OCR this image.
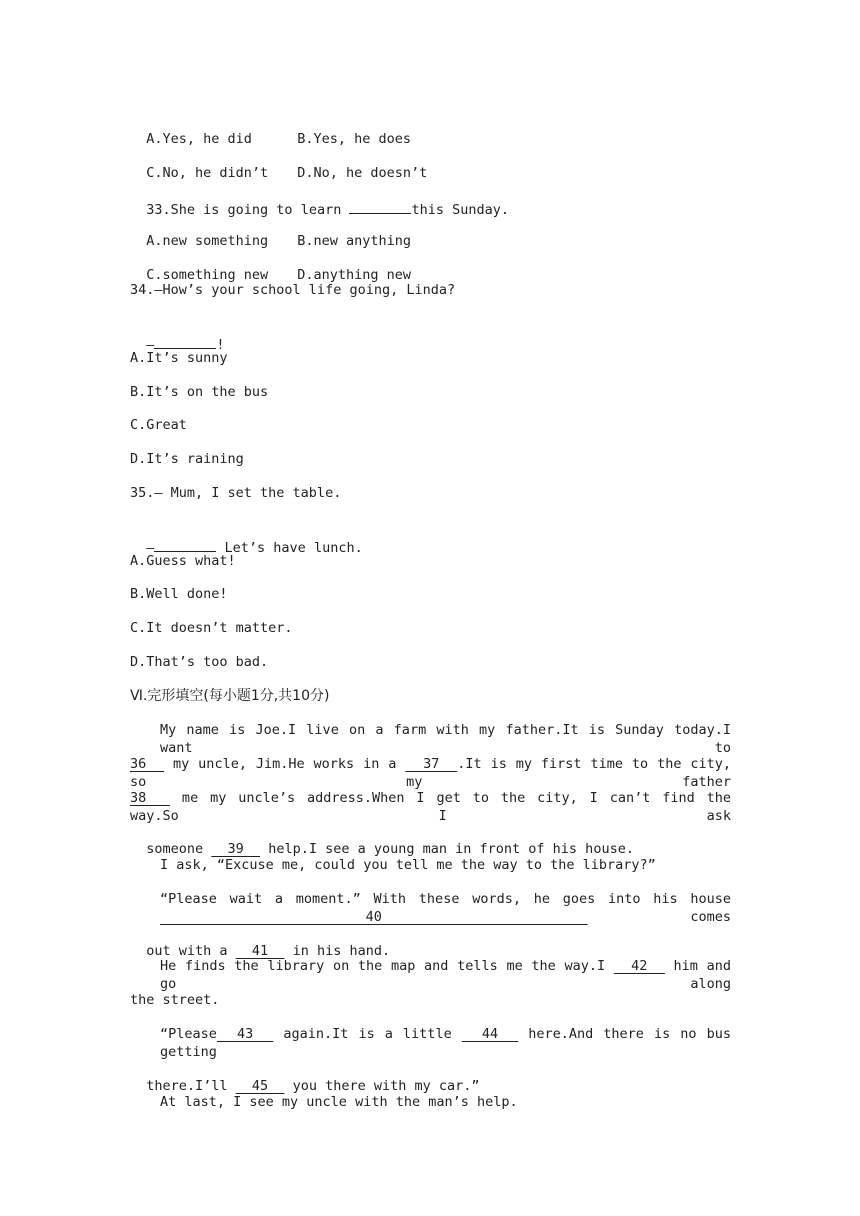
A.Yes, he did	B.Yes, he does

C.No, he didn’t D.No, he doesn’t

33.She is going to learn	this Sunday.

A.new something B.new anything

C.something new D.anything new

34.—How’s your school life going, Linda?

—	!

A.It’s sunny
B.It’s on the bus
C.Great
D.It’s raining
35.— Mum, I set the table.

—	Let’s have lunch.

A.Guess what!
B.Well done!
C.It doesn’t matter.
D.That’s too bad.
Ⅵ.完形填空(每小题1分,共10分)
My name is Joe.I live on a farm with my father.It is Sunday today.I want to
36   my uncle, Jim.He works in a   37  .It is my first time to the city, so my father
38   me my uncle’s address.When I get to the city, I can’t find the way.So I ask

someone   39   help.I see a young man in front of his house.

I ask, “Excuse me, could you tell me the way to the library?”
“Please wait a moment.” With these words, he goes into his house   40   comes

out with a   41   in his hand.

He finds the library on the map and tells me the way.I   42   him and go along
the street.
“Please  43   again.It is a little   44   here.And there is no bus getting

there.I’ll   45   you there with my car.”

At last, I see my uncle with the man’s help.
